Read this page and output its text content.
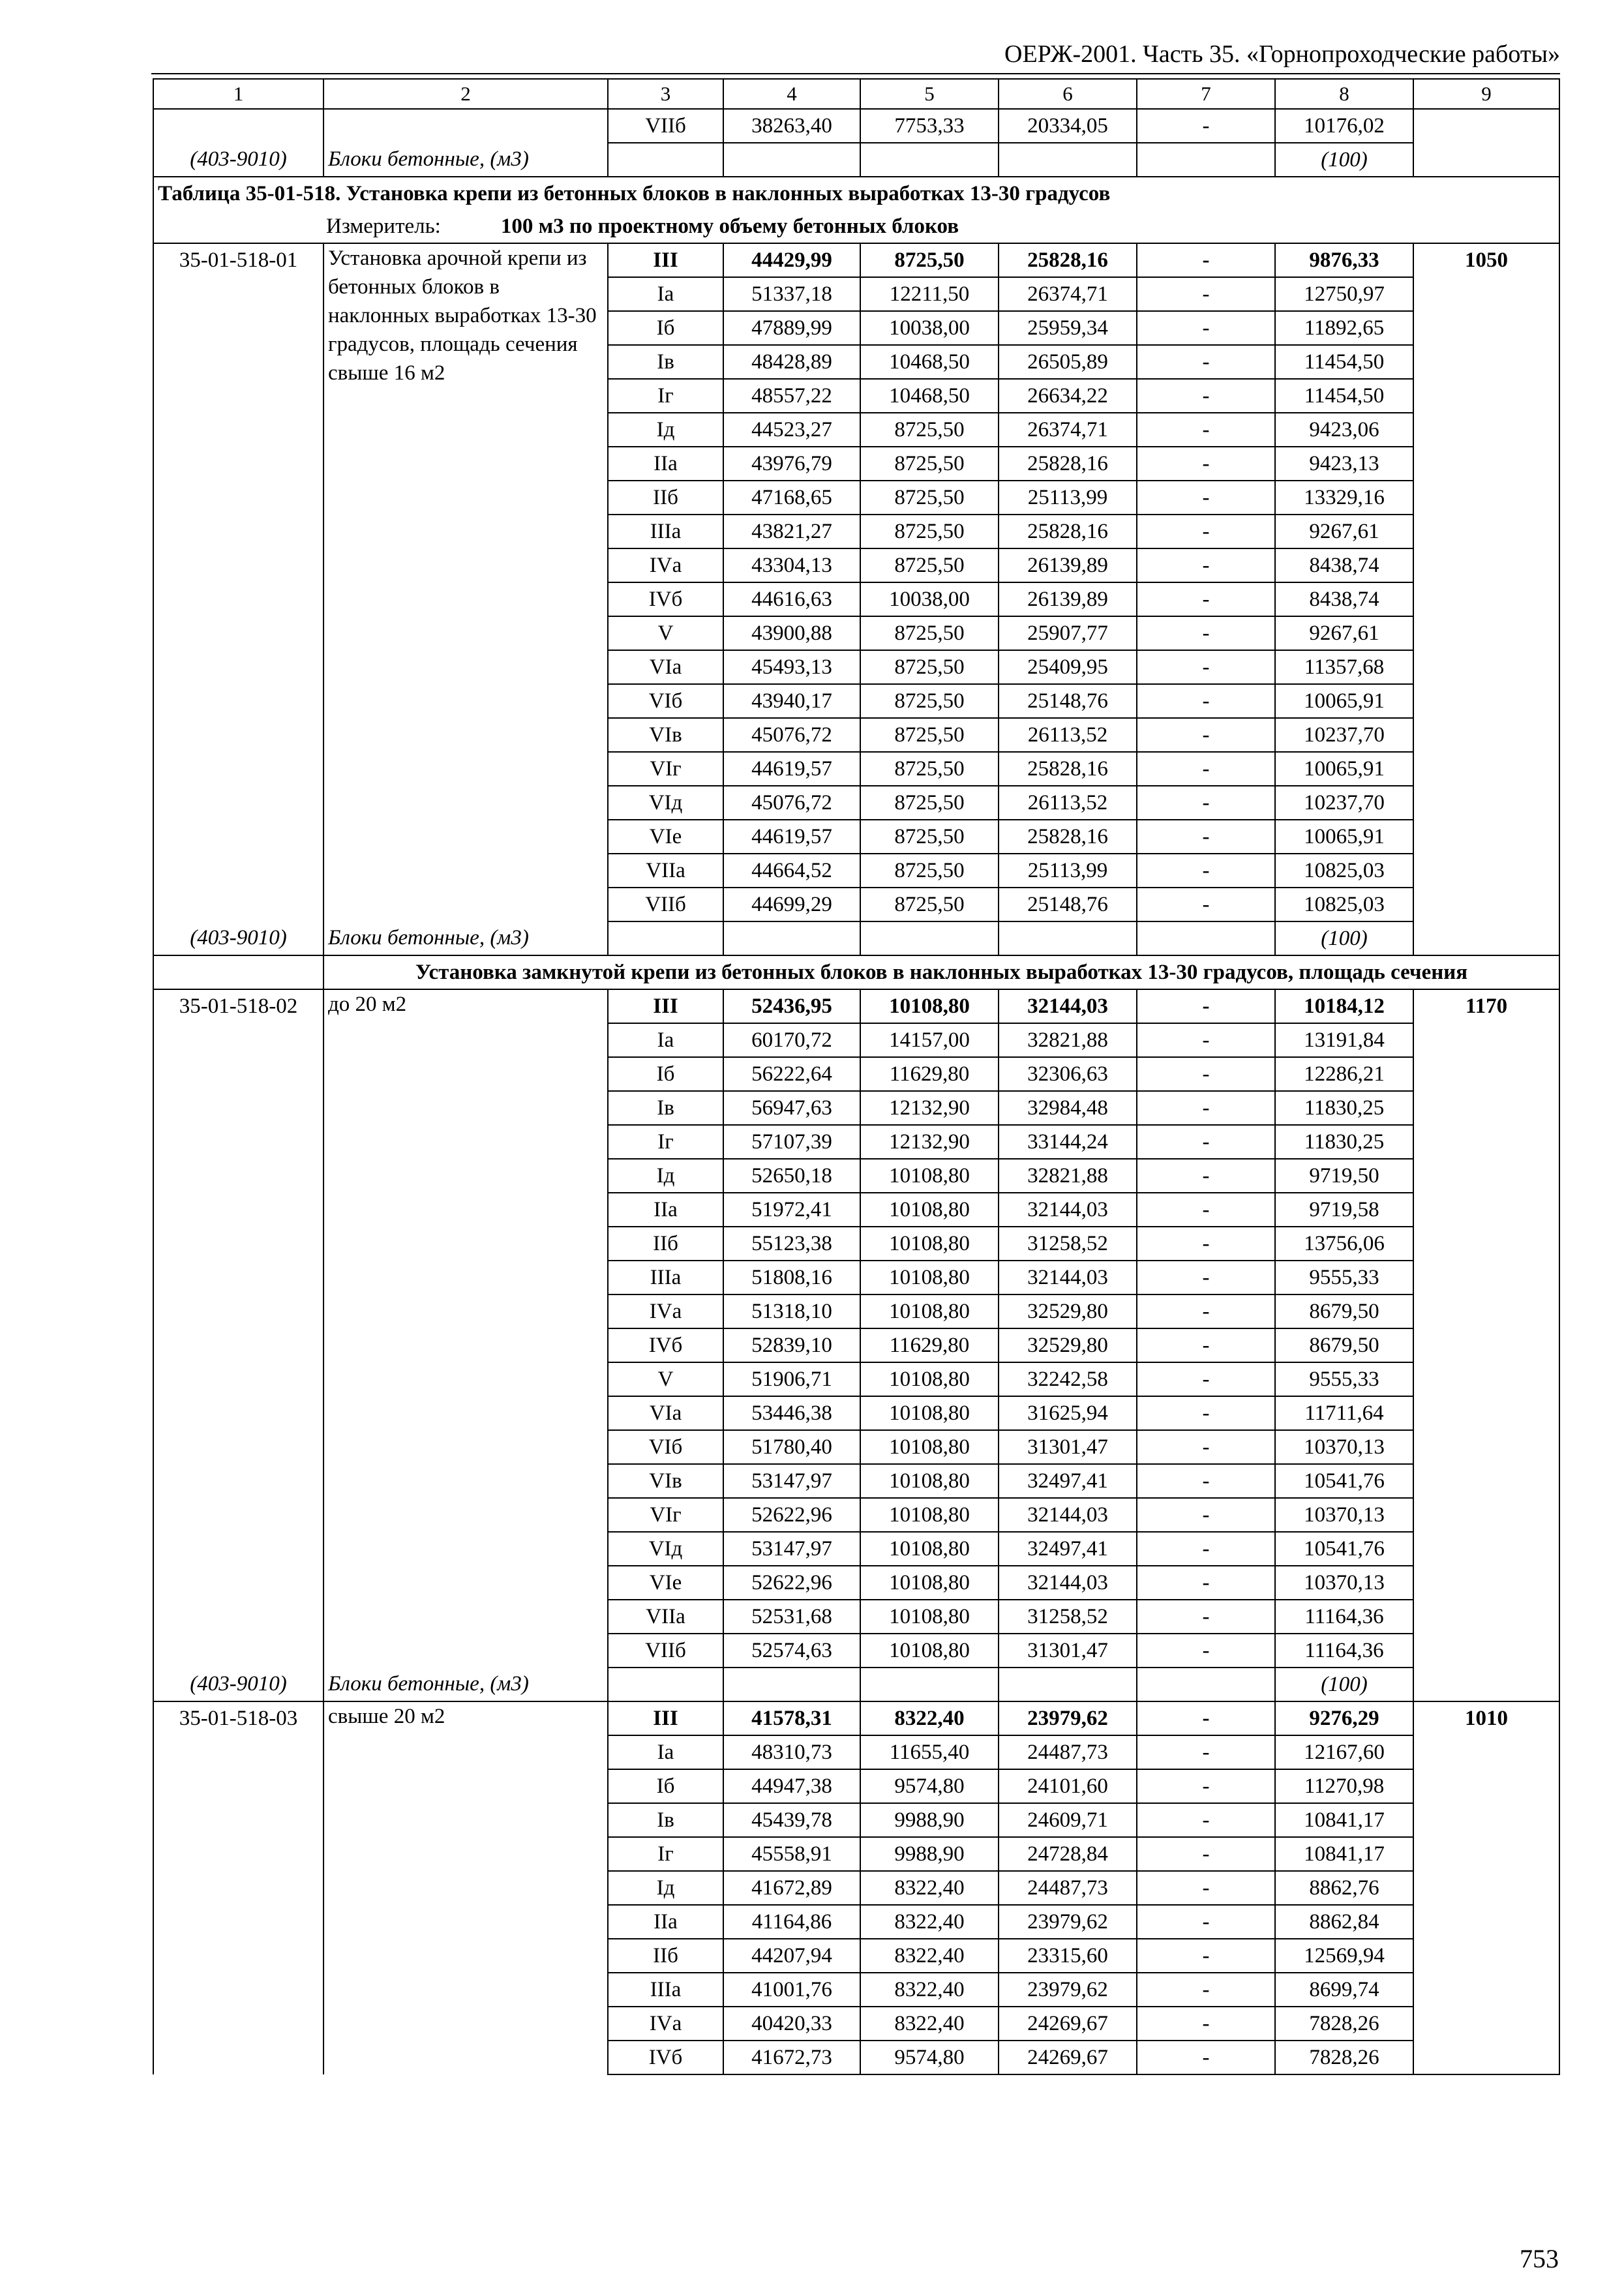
ОЕРЖ-2001. Часть 35. «Горнопроходческие работы»
1	2	3	4	5	6	7	8	9
		VIIб	38263,40	7753,33	20334,05	-	10176,02	
(403-9010)	Блоки бетонные, (м3)						(100)	
Таблица 35-01-518. Установка крепи из бетонных блоков в наклонных выработках 13-30 градусов								
Измеритель: 100 м3 по проектному объему бетонных блоков								
35-01-518-01	Установка арочной крепи из бетонных блоков в наклонных выработках 13-30 градусов, площадь сечения свыше 16 м2	III	44429,99	8725,50	25828,16	-	9876,33	1050
		Iа	51337,18	12211,50	26374,71	-	12750,97	
		Iб	47889,99	10038,00	25959,34	-	11892,65	
		Iв	48428,89	10468,50	26505,89	-	11454,50	
		Iг	48557,22	10468,50	26634,22	-	11454,50	
		Iд	44523,27	8725,50	26374,71	-	9423,06	
		IIа	43976,79	8725,50	25828,16	-	9423,13	
		IIб	47168,65	8725,50	25113,99	-	13329,16	
		IIIа	43821,27	8725,50	25828,16	-	9267,61	
		IVа	43304,13	8725,50	26139,89	-	8438,74	
		IVб	44616,63	10038,00	26139,89	-	8438,74	
		V	43900,88	8725,50	25907,77	-	9267,61	
		VIа	45493,13	8725,50	25409,95	-	11357,68	
		VIб	43940,17	8725,50	25148,76	-	10065,91	
		VIв	45076,72	8725,50	26113,52	-	10237,70	
		VIг	44619,57	8725,50	25828,16	-	10065,91	
		VIд	45076,72	8725,50	26113,52	-	10237,70	
		VIе	44619,57	8725,50	25828,16	-	10065,91	
		VIIа	44664,52	8725,50	25113,99	-	10825,03	
		VIIб	44699,29	8725,50	25148,76	-	10825,03	
(403-9010)	Блоки бетонные, (м3)						(100)	
	Установка замкнутой крепи из бетонных блоков в наклонных выработках 13-30 градусов, площадь сечения							
35-01-518-02	до 20 м2	III	52436,95	10108,80	32144,03	-	10184,12	1170
		Iа	60170,72	14157,00	32821,88	-	13191,84	
		Iб	56222,64	11629,80	32306,63	-	12286,21	
		Iв	56947,63	12132,90	32984,48	-	11830,25	
		Iг	57107,39	12132,90	33144,24	-	11830,25	
		Iд	52650,18	10108,80	32821,88	-	9719,50	
		IIа	51972,41	10108,80	32144,03	-	9719,58	
		IIб	55123,38	10108,80	31258,52	-	13756,06	
		IIIа	51808,16	10108,80	32144,03	-	9555,33	
		IVа	51318,10	10108,80	32529,80	-	8679,50	
		IVб	52839,10	11629,80	32529,80	-	8679,50	
		V	51906,71	10108,80	32242,58	-	9555,33	
		VIа	53446,38	10108,80	31625,94	-	11711,64	
		VIб	51780,40	10108,80	31301,47	-	10370,13	
		VIв	53147,97	10108,80	32497,41	-	10541,76	
		VIг	52622,96	10108,80	32144,03	-	10370,13	
		VIд	53147,97	10108,80	32497,41	-	10541,76	
		VIе	52622,96	10108,80	32144,03	-	10370,13	
		VIIа	52531,68	10108,80	31258,52	-	11164,36	
		VIIб	52574,63	10108,80	31301,47	-	11164,36	
(403-9010)	Блоки бетонные, (м3)						(100)	
35-01-518-03	свыше 20 м2	III	41578,31	8322,40	23979,62	-	9276,29	1010
		Iа	48310,73	11655,40	24487,73	-	12167,60	
		Iб	44947,38	9574,80	24101,60	-	11270,98	
		Iв	45439,78	9988,90	24609,71	-	10841,17	
		Iг	45558,91	9988,90	24728,84	-	10841,17	
		Iд	41672,89	8322,40	24487,73	-	8862,76	
		IIа	41164,86	8322,40	23979,62	-	8862,84	
		IIб	44207,94	8322,40	23315,60	-	12569,94	
		IIIа	41001,76	8322,40	23979,62	-	8699,74	
		IVа	40420,33	8322,40	24269,67	-	7828,26	
		IVб	41672,73	9574,80	24269,67	-	7828,26	
753
